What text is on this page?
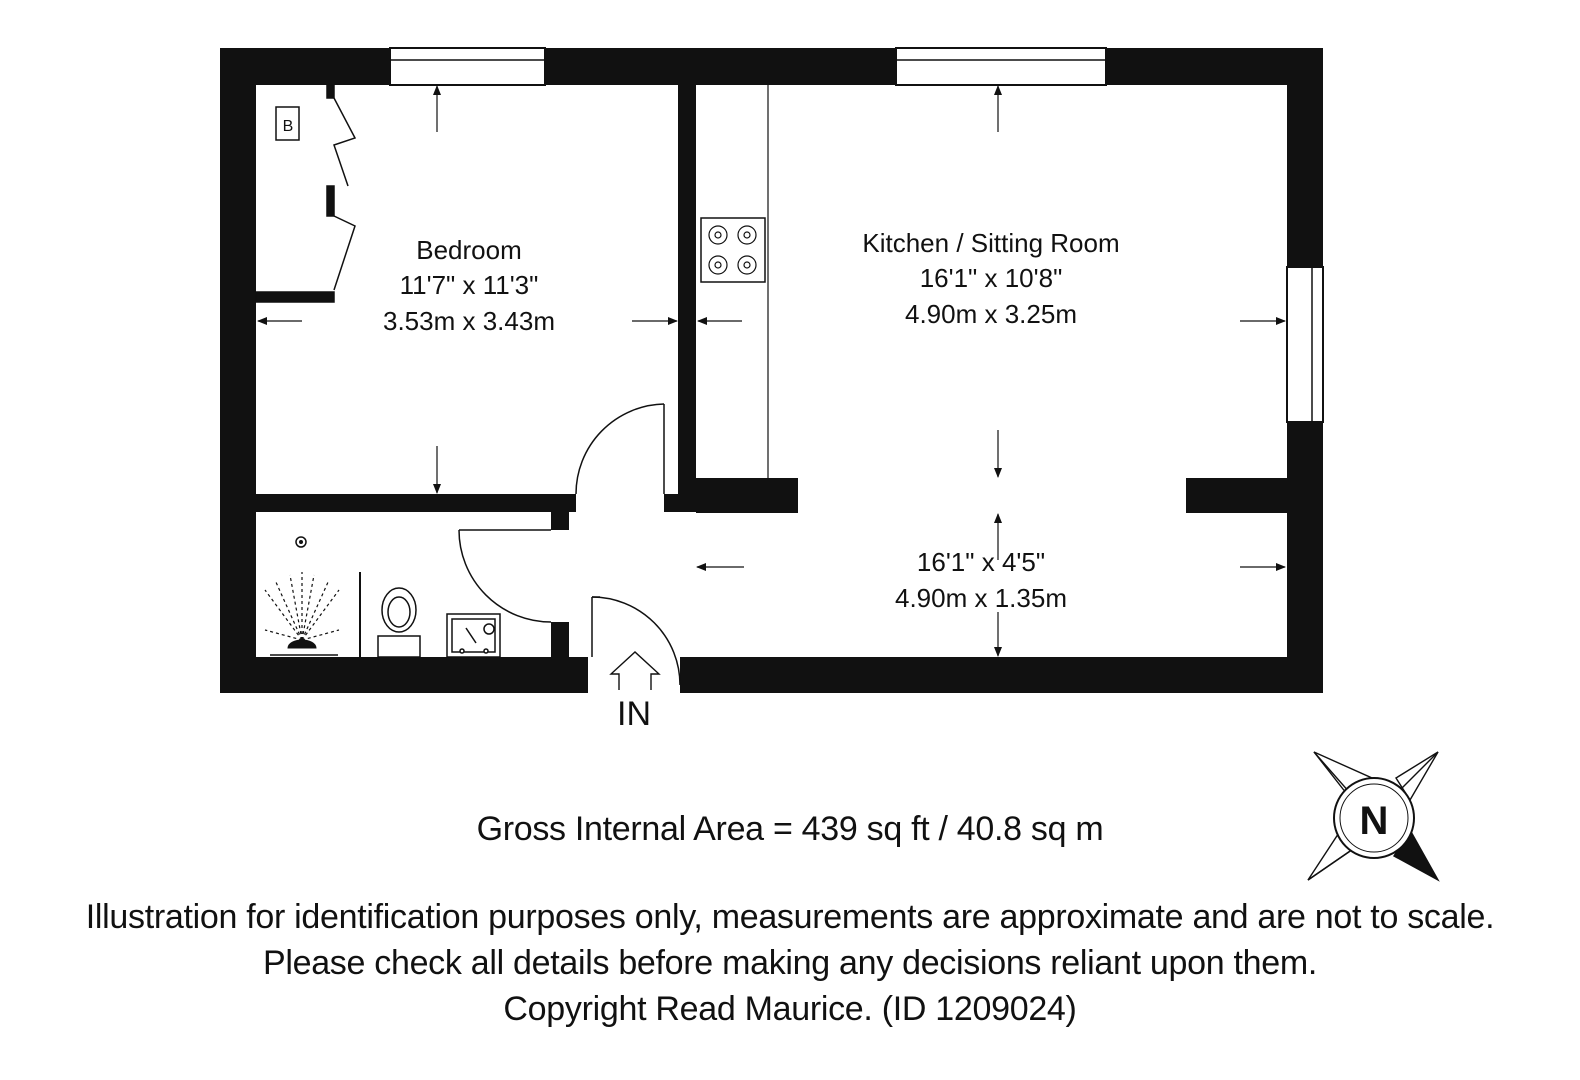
B
IN
Bedroom
11'7" x 11'3"
3.53m x 3.43m
Kitchen / Sitting Room
16'1" x 10'8"
4.90m x 3.25m
16'1" x 4'5"
4.90m x 1.35m
N
Gross Internal Area = 439 sq ft / 40.8 sq m
Illustration for identification purposes only, measurements are approximate and are not to scale.
Please check all details before making any decisions reliant upon them.
Copyright Read Maurice. (ID 1209024)
